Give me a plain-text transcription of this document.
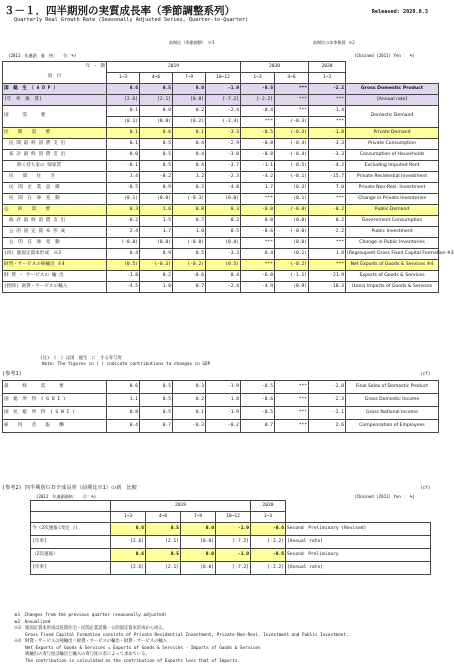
３－１．四半期別の実質成長率（季節調整系列）
Quarterly Real Growth Rate (Seasonally Adjusted Series, Quarter-to-Quarter)
Released: 2020.8.3
前期比（季節調整）　※1	前期比の年率換算 ※2
(2011　年連鎖　価　格：　　位：%)	(Chained (2011) Yen ： %)
年 ・ 期	2019				2020		2020	
項　目	1~3	4~6	7~9	10~12	1~3	4~6	1~3	
国　総　生　（ G D P ）	0.6	0.5	0.0	-1.9	-0.6	***	-2.2	Gross Domestic Product
[年　率　換　算]	[2.6]	[2.1]	[0.0]	[-7.2]	[-2.2]	***	***	[Annual rate]
国　　　需　　　要	0.1	0.8	0.2	-2.4	-0.4	***	-1.4	Domestic Demand
	(0.1)	(0.8)	(0.2)	(-2.4)	***	(-0.3)	***	
民　　間　　需　　要	0.1	0.6	0.1	-3.3	-0.5	(-0.3)	-1.8	Private Demand
民 間 最 終 消 費 支 出	0.1	0.5	0.4	-2.9	-0.8	(-0.4)	-3.3	Private Consumption
家 計 最 終 消 費 支 出	-0.0	0.5	0.4	-3.0	-0.8	(-0.4)	-3.3	Consumption of Households
除く持ち家の 帰家賃	-0.1	0.5	0.4	-3.7	-1.1	(-0.5)	-4.2	Excluding Imputed Rent
民　　間　　住　　宅	1.4	-0.2	1.2	-2.3	-4.2	(-0.1)	-15.7	Private Residential Investment
民　間　企　業　設　備	-0.5	0.9	0.2	-4.8	1.7	(0.3)	7.0	Private Non-Resi. Investment
民　間　在　庫　変　動	(0.1)	(0.0)	(-0.3)	(0.0)	***	(0.1)	***	Change in Private Inventories
公　　的　　需　　要	0.3	1.6	0.8	0.3	-0.0	(-0.0)	-0.2	Public Demand
政 府 最 終 消 費 支 出	-0.2	1.5	0.7	0.2	0.0	(0.0)	0.2	Government Consumption
公 的 固 定 資 本 形 成	2.4	1.7	1.0	0.5	-0.6	(-0.0)	-2.2	Public Investment
公　的　在　庫　変　動	(-0.0)	(0.0)	(-0.0)	(0.0)	***	(0.0)	***	Change in Public Inventories
(再) 総固定資本形成　※3	0.4	0.9	0.5	-3.3	0.4	(0.1)	1.8	(Regrouped) Gross Fixed Capital Formation ※3
財貨・サービスの純輸出 ※4	(0.5)	(-0.3)	(-0.2)	(0.5)	***	(-0.2)	***	Net Exports of Goods & Services ※4
財 貨 ・ サービスの 輸 出	-1.8	0.2	-0.6	0.4	-6.0	(-1.1)	-21.9	Exports of Goods & Services
(控除) 財貨・サービスの輸入	-4.5	1.8	0.7	-2.4	-4.9	(0.9)	-18.3	(Less) Imports of Goods & Services
(注)　(　) は国　総生　に　する寄与度
Note: The figures in ( ) indicate contributions to changes in GDP
(参考1)	(cf)
最　　　終　　　需　　　要	0.6	0.5	0.3	-1.9	-0.5	***	-2.0	Final Sales of Domestic Product
国　総　所　得　( G D I )	1.1	0.5	0.2	-1.8	-0.6	***	-2.3	Gross Domestic Income
国　民　総　所　得　( G N I )	0.8	0.5	0.1	-1.9	-0.5	***	-2.1	Gross National Income
雇　　用　　者　　報　　酬	0.4	0.7	-0.3	-0.2	0.7	***	2.6	Compensation of Employees
(参考2) 四半期別ＧＤＰ成長率（前期比※1）の新　比較	(cf)
(2011　年連鎖価格：　　位：%)	(Chained (2011) Yen ： %)
	2019				2020	
	1~3	4~6	7~9	10~12	1~3	
今（2次速報(改定 ))	0.6	0.5	0.0	-1.9	-0.6	Second　Preliminary (Revised)
[年率]	[2.6]	[2.1]	[0.0]	[-7.2]	[-2.2]	[Annual rate]
（2次速報）	0.6	0.5	0.0	-1.9	-0.6	Second　Preliminary
[年率]	[2.6]	[2.1]	[0.0]	[-7.2]	[-2.2]	[Annual rate]
※1　Changes from the previous quarter (seasonally adjusted)
※2　Annualized
※3　総固定資本形成は民間住宅・民間企業設備・公的固定資本形成から成る。
　　 Gross Fixed Capital Formation consists of Private Residential Investment, Private Non-Resi. Investment and Public Investment.
※4　財貨・サービスの純輸出＝財貨・サービスの輸出－財貨・サービスの輸入
　　 Net Exports of Goods & Services = Exports of Goods & Services - Imports of Goods & Services
　　 純輸出の寄与度は輸出と輸入の寄与度の差によって求めている。
　　 The contribution is calculated as the contribution of Exports less that of Imports.
